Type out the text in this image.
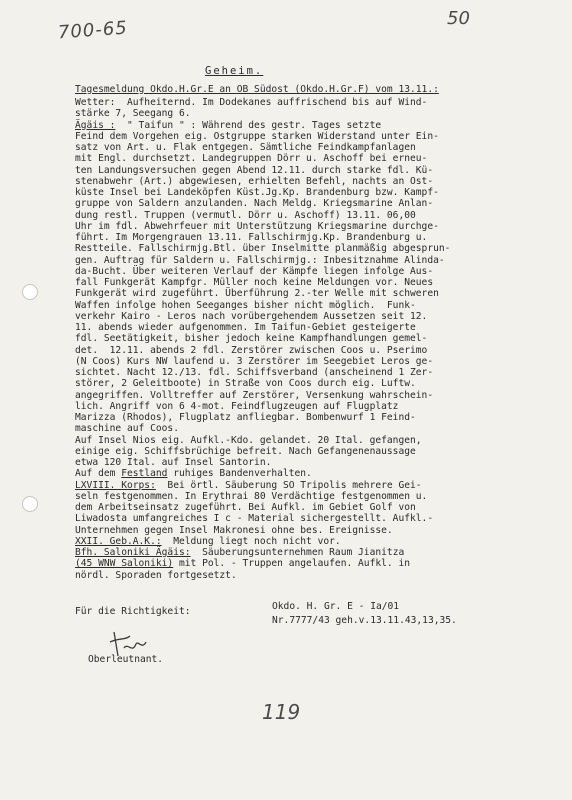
700-65	50
Geheim.
Tagesmeldung Okdo.H.Gr.E an OB Südost (Okdo.H.Gr.F) vom 13.11.:
Wetter:  Aufheiternd. Im Dodekanes auffrischend bis auf Wind-
stärke 7, Seegang 6.
Ägäis :  " Taifun " : Während des gestr. Tages setzte
Feind dem Vorgehen eig. Ostgruppe starken Widerstand unter Ein-
satz von Art. u. Flak entgegen. Sämtliche Feindkampfanlagen
mit Engl. durchsetzt. Landegruppen Dörr u. Aschoff bei erneu-
ten Landungsversuchen gegen Abend 12.11. durch starke fdl. Kü-
stenabwehr (Art.) abgewiesen, erhielten Befehl, nachts an Ost-
küste Insel bei Landeköpfen Küst.Jg.Kp. Brandenburg bzw. Kampf-
gruppe von Saldern anzulanden. Nach Meldg. Kriegsmarine Anlan-
dung restl. Truppen (vermutl. Dörr u. Aschoff) 13.11. 06,00
Uhr im fdl. Abwehrfeuer mit Unterstützung Kriegsmarine durchge-
führt. Im Morgengrauen 13.11. Fallschirmjg.Kp. Brandenburg u.
Restteile. Fallschirmjg.Btl. über Inselmitte planmäßig abgesprun-
gen. Auftrag für Saldern u. Fallschirmjg.: Inbesitznahme Alinda-
da-Bucht. Über weiteren Verlauf der Kämpfe liegen infolge Aus-
fall Funkgerät Kampfgr. Müller noch keine Meldungen vor. Neues
Funkgerät wird zugeführt. Überführung 2.-ter Welle mit schweren
Waffen infolge hohen Seeganges bisher nicht möglich.  Funk-
verkehr Kairo - Leros nach vorübergehendem Aussetzen seit 12.
11. abends wieder aufgenommen. Im Taifun-Gebiet gesteigerte
fdl. Seetätigkeit, bisher jedoch keine Kampfhandlungen gemel-
det.  12.11. abends 2 fdl. Zerstörer zwischen Coos u. Pserimo
(N Coos) Kurs NW laufend u. 3 Zerstörer im Seegebiet Leros ge-
sichtet. Nacht 12./13. fdl. Schiffsverband (anscheinend 1 Zer-
störer, 2 Geleitboote) in Straße von Coos durch eig. Luftw.
angegriffen. Volltreffer auf Zerstörer, Versenkung wahrschein-
lich. Angriff von 6 4-mot. Feindflugzeugen auf Flugplatz
Marizza (Rhodos), Flugplatz anfliegbar. Bombenwurf 1 Feind-
maschine auf Coos.
Auf Insel Nios eig. Aufkl.-Kdo. gelandet. 20 Ital. gefangen,
einige eig. Schiffsbrüchige befreit. Nach Gefangenenaussage
etwa 120 Ital. auf Insel Santorin.
Auf dem Festland ruhiges Bandenverhalten.
LXVIII. Korps:  Bei örtl. Säuberung SO Tripolis mehrere Gei-
seln festgenommen. In Erythrai 80 Verdächtige festgenommen u.
dem Arbeitseinsatz zugeführt. Bei Aufkl. im Gebiet Golf von
Liwadosta umfangreiches I c - Material sichergestellt. Aufkl.-
Unternehmen gegen Insel Makronesi ohne bes. Ereignisse.
XXII. Geb.A.K.:  Meldung liegt noch nicht vor.
Bfh. Saloniki Ägäis:  Säuberungsunternehmen Raum Jianitza
(45 WNW Saloniki) mit Pol. - Truppen angelaufen. Aufkl. in
nördl. Sporaden fortgesetzt.
Für die Richtigkeit:
Oberleutnant.
Okdo. H. Gr. E - Ia/01
Nr.7777/43 geh.v.13.11.43,13,35.
119
